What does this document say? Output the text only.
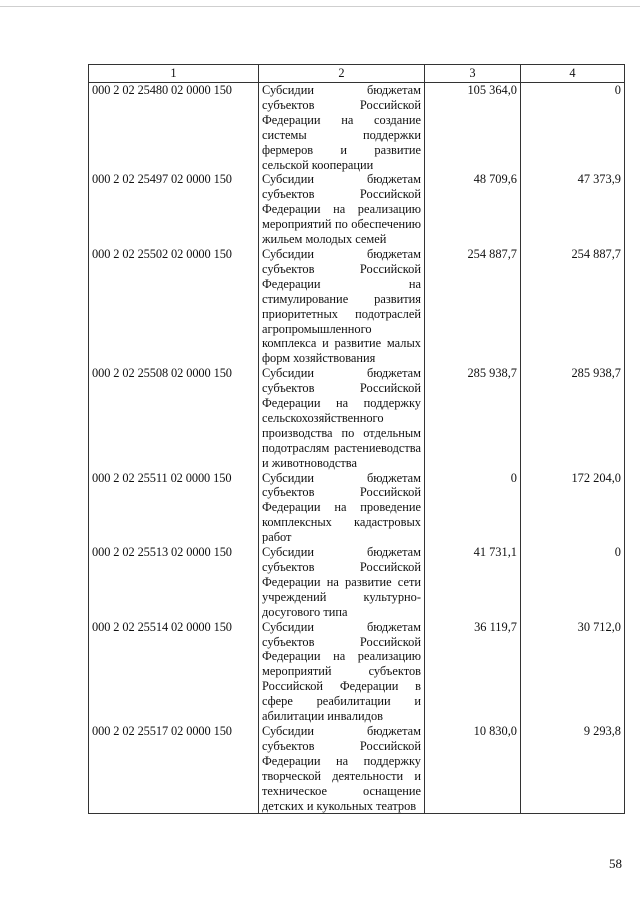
1	2	3	4
000 2 02 25480 02 0000 150	Субсидии бюджетам субъектов Российской Федерации на создание системы поддержки фермеров и развитие сельской кооперации	105 364,0	0
000 2 02 25497 02 0000 150	Субсидии бюджетам субъектов Российской Федерации на реализацию мероприятий по обеспечению жильем молодых семей	48 709,6	47 373,9
000 2 02 25502 02 0000 150	Субсидии бюджетам субъектов Российской Федерации на стимулирование развития приоритетных подотраслей агропромышленного комплекса и развитие малых форм хозяйствования	254 887,7	254 887,7
000 2 02 25508 02 0000 150	Субсидии бюджетам субъектов Российской Федерации на поддержку сельскохозяйственного производства по отдельным подотраслям растениеводства и животноводства	285 938,7	285 938,7
000 2 02 25511 02 0000 150	Субсидии бюджетам субъектов Российской Федерации на проведение комплексных кадастровых работ	0	172 204,0
000 2 02 25513 02 0000 150	Субсидии бюджетам субъектов Российской Федерации на развитие сети учреждений культурно-досугового типа	41 731,1	0
000 2 02 25514 02 0000 150	Субсидии бюджетам субъектов Российской Федерации на реализацию мероприятий субъектов Российской Федерации в сфере реабилитации и абилитации инвалидов	36 119,7	30 712,0
000 2 02 25517 02 0000 150	Субсидии бюджетам субъектов Российской Федерации на поддержку творческой деятельности и техническое оснащение детских и кукольных театров	10 830,0	9 293,8
58
